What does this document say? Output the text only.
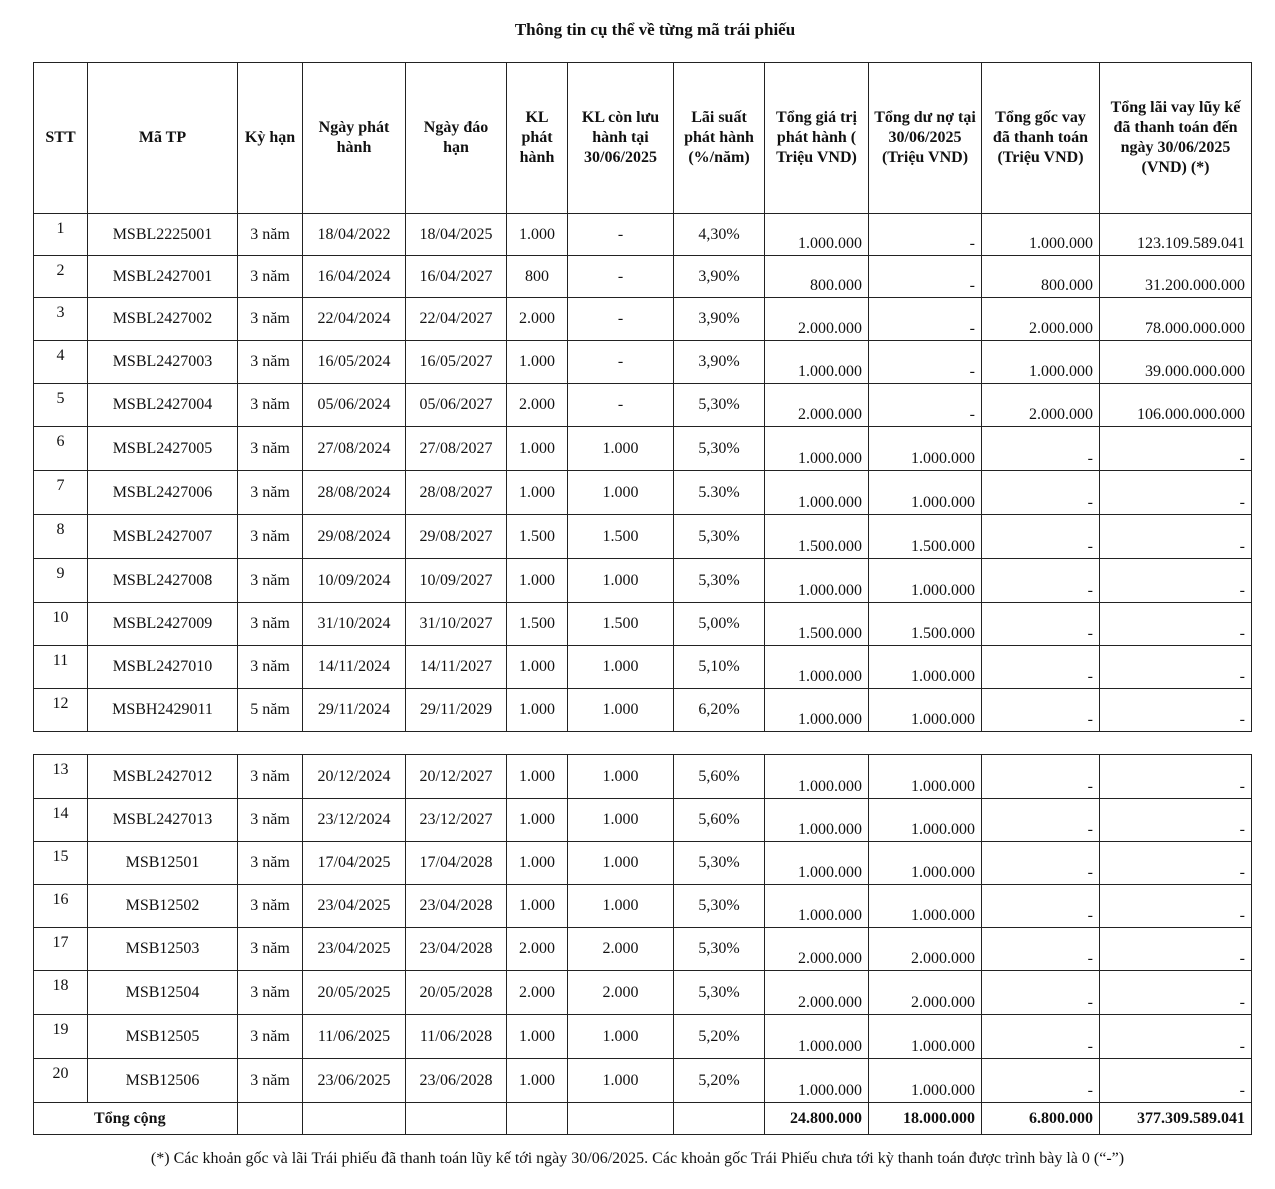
Thông tin cụ thể về từng mã trái phiếu
STT	Mã TP	Kỳ hạn	Ngày phát hành	Ngày đáo hạn	KL phát hành	KL còn lưu hành tại 30/06/2025	Lãi suất phát hành (%/năm)	Tổng giá trị phát hành ( Triệu VND)	Tổng dư nợ tại 30/06/2025 (Triệu VND)	Tổng gốc vay đã thanh toán (Triệu VND)	Tổng lãi vay lũy kế đã thanh toán đến ngày 30/06/2025 (VND) (*)
1	MSBL2225001	3 năm	18/04/2022	18/04/2025	1.000	-	4,30%	1.000.000	-	1.000.000	123.109.589.041
2	MSBL2427001	3 năm	16/04/2024	16/04/2027	800	-	3,90%	800.000	-	800.000	31.200.000.000
3	MSBL2427002	3 năm	22/04/2024	22/04/2027	2.000	-	3,90%	2.000.000	-	2.000.000	78.000.000.000
4	MSBL2427003	3 năm	16/05/2024	16/05/2027	1.000	-	3,90%	1.000.000	-	1.000.000	39.000.000.000
5	MSBL2427004	3 năm	05/06/2024	05/06/2027	2.000	-	5,30%	2.000.000	-	2.000.000	106.000.000.000
6	MSBL2427005	3 năm	27/08/2024	27/08/2027	1.000	1.000	5,30%	1.000.000	1.000.000	-	-
7	MSBL2427006	3 năm	28/08/2024	28/08/2027	1.000	1.000	5.30%	1.000.000	1.000.000	-	-
8	MSBL2427007	3 năm	29/08/2024	29/08/2027	1.500	1.500	5,30%	1.500.000	1.500.000	-	-
9	MSBL2427008	3 năm	10/09/2024	10/09/2027	1.000	1.000	5,30%	1.000.000	1.000.000	-	-
10	MSBL2427009	3 năm	31/10/2024	31/10/2027	1.500	1.500	5,00%	1.500.000	1.500.000	-	-
11	MSBL2427010	3 năm	14/11/2024	14/11/2027	1.000	1.000	5,10%	1.000.000	1.000.000	-	-
12	MSBH2429011	5 năm	29/11/2024	29/11/2029	1.000	1.000	6,20%	1.000.000	1.000.000	-	-
13	MSBL2427012	3 năm	20/12/2024	20/12/2027	1.000	1.000	5,60%	1.000.000	1.000.000	-	-
14	MSBL2427013	3 năm	23/12/2024	23/12/2027	1.000	1.000	5,60%	1.000.000	1.000.000	-	-
15	MSB12501	3 năm	17/04/2025	17/04/2028	1.000	1.000	5,30%	1.000.000	1.000.000	-	-
16	MSB12502	3 năm	23/04/2025	23/04/2028	1.000	1.000	5,30%	1.000.000	1.000.000	-	-
17	MSB12503	3 năm	23/04/2025	23/04/2028	2.000	2.000	5,30%	2.000.000	2.000.000	-	-
18	MSB12504	3 năm	20/05/2025	20/05/2028	2.000	2.000	5,30%	2.000.000	2.000.000	-	-
19	MSB12505	3 năm	11/06/2025	11/06/2028	1.000	1.000	5,20%	1.000.000	1.000.000	-	-
20	MSB12506	3 năm	23/06/2025	23/06/2028	1.000	1.000	5,20%	1.000.000	1.000.000	-	-
Tổng cộng								24.800.000	18.000.000	6.800.000	377.309.589.041
(*) Các khoản gốc và lãi Trái phiếu đã thanh toán lũy kế tới ngày 30/06/2025. Các khoản gốc Trái Phiếu chưa tới kỳ thanh toán được trình bày là 0 (“-”)
